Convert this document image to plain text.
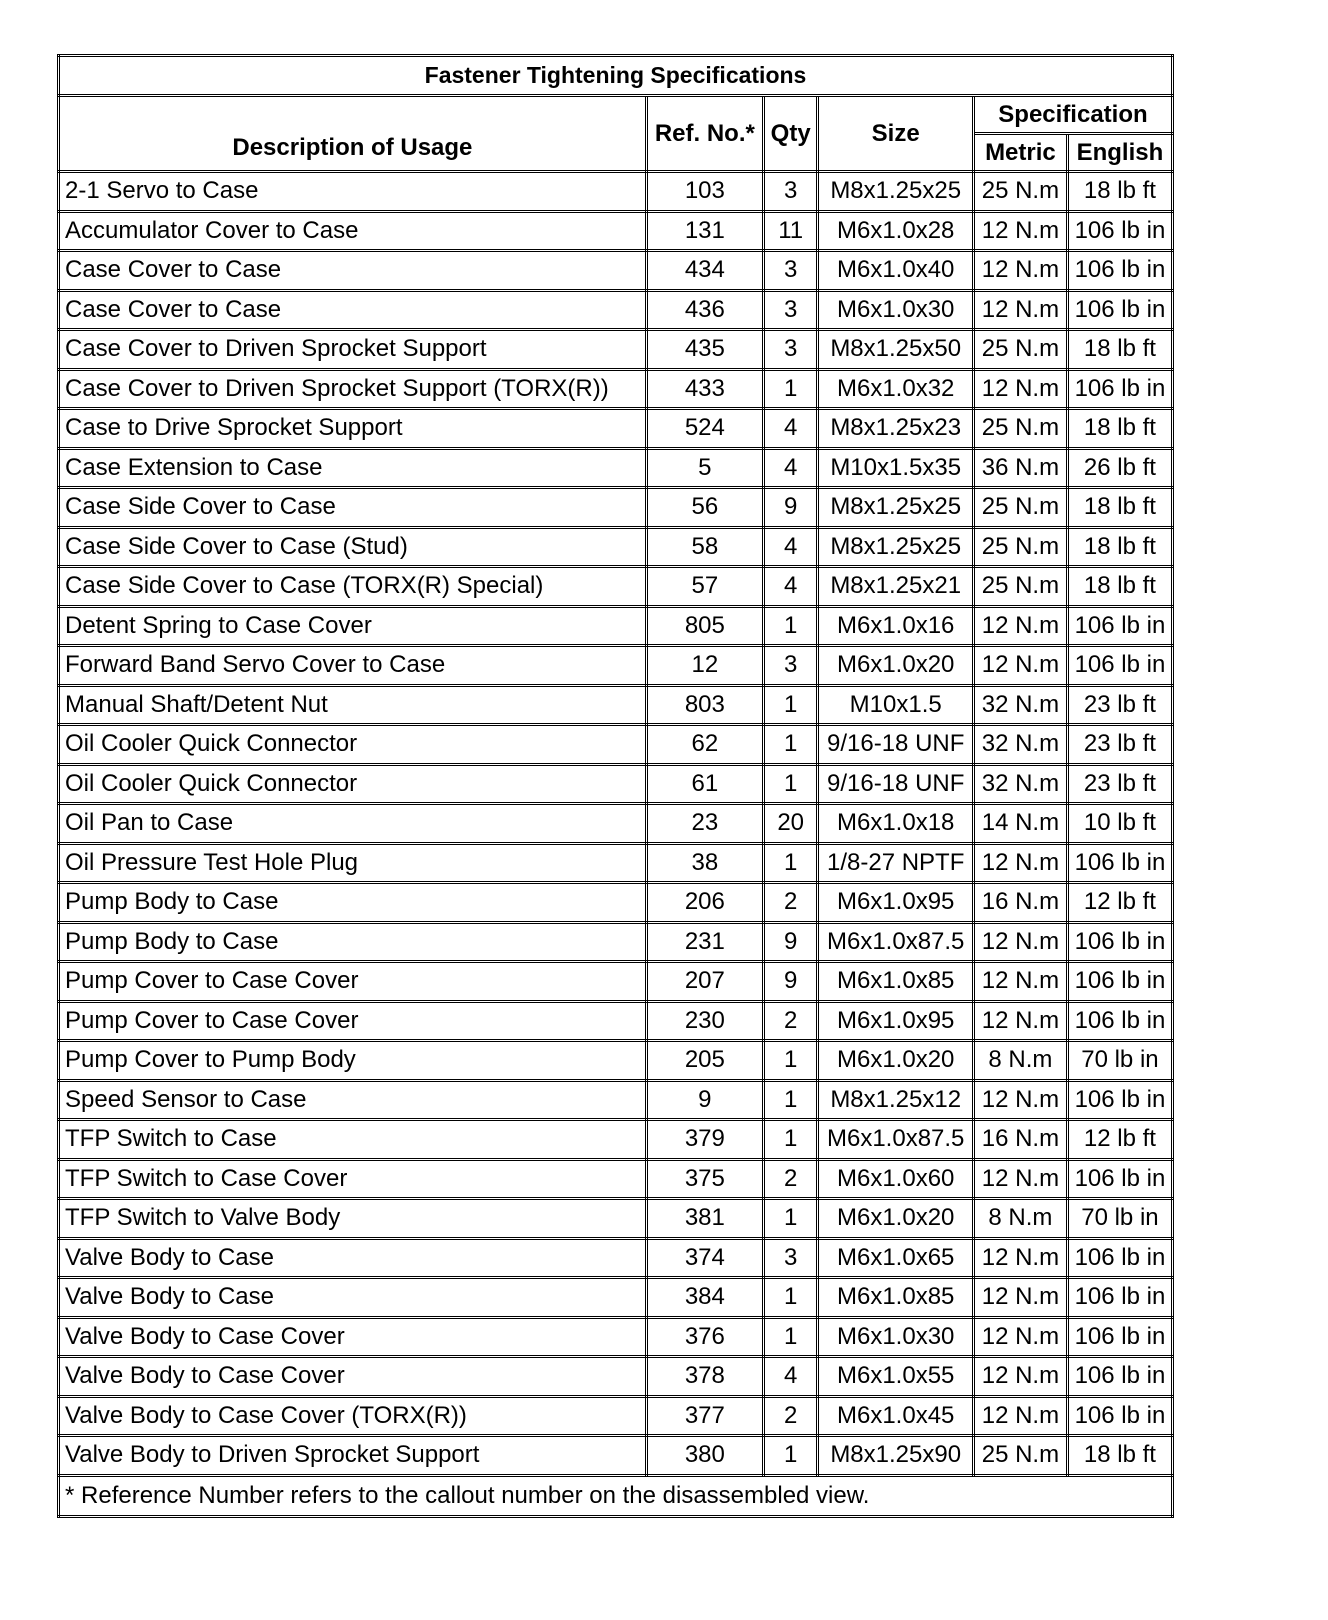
Fastener Tightening Specifications					
Description of Usage	Ref. No.*	Qty	Size	Specification	
				Metric	English
2-1 Servo to Case	103	3	M8x1.25x25	25 N.m	18 lb ft
Accumulator Cover to Case	131	11	M6x1.0x28	12 N.m	106 lb in
Case Cover to Case	434	3	M6x1.0x40	12 N.m	106 lb in
Case Cover to Case	436	3	M6x1.0x30	12 N.m	106 lb in
Case Cover to Driven Sprocket Support	435	3	M8x1.25x50	25 N.m	18 lb ft
Case Cover to Driven Sprocket Support (TORX(R))	433	1	M6x1.0x32	12 N.m	106 lb in
Case to Drive Sprocket Support	524	4	M8x1.25x23	25 N.m	18 lb ft
Case Extension to Case	5	4	M10x1.5x35	36 N.m	26 lb ft
Case Side Cover to Case	56	9	M8x1.25x25	25 N.m	18 lb ft
Case Side Cover to Case (Stud)	58	4	M8x1.25x25	25 N.m	18 lb ft
Case Side Cover to Case (TORX(R) Special)	57	4	M8x1.25x21	25 N.m	18 lb ft
Detent Spring to Case Cover	805	1	M6x1.0x16	12 N.m	106 lb in
Forward Band Servo Cover to Case	12	3	M6x1.0x20	12 N.m	106 lb in
Manual Shaft/Detent Nut	803	1	M10x1.5	32 N.m	23 lb ft
Oil Cooler Quick Connector	62	1	9/16-18 UNF	32 N.m	23 lb ft
Oil Cooler Quick Connector	61	1	9/16-18 UNF	32 N.m	23 lb ft
Oil Pan to Case	23	20	M6x1.0x18	14 N.m	10 lb ft
Oil Pressure Test Hole Plug	38	1	1/8-27 NPTF	12 N.m	106 lb in
Pump Body to Case	206	2	M6x1.0x95	16 N.m	12 lb ft
Pump Body to Case	231	9	M6x1.0x87.5	12 N.m	106 lb in
Pump Cover to Case Cover	207	9	M6x1.0x85	12 N.m	106 lb in
Pump Cover to Case Cover	230	2	M6x1.0x95	12 N.m	106 lb in
Pump Cover to Pump Body	205	1	M6x1.0x20	8 N.m	70 lb in
Speed Sensor to Case	9	1	M8x1.25x12	12 N.m	106 lb in
TFP Switch to Case	379	1	M6x1.0x87.5	16 N.m	12 lb ft
TFP Switch to Case Cover	375	2	M6x1.0x60	12 N.m	106 lb in
TFP Switch to Valve Body	381	1	M6x1.0x20	8 N.m	70 lb in
Valve Body to Case	374	3	M6x1.0x65	12 N.m	106 lb in
Valve Body to Case	384	1	M6x1.0x85	12 N.m	106 lb in
Valve Body to Case Cover	376	1	M6x1.0x30	12 N.m	106 lb in
Valve Body to Case Cover	378	4	M6x1.0x55	12 N.m	106 lb in
Valve Body to Case Cover (TORX(R))	377	2	M6x1.0x45	12 N.m	106 lb in
Valve Body to Driven Sprocket Support	380	1	M8x1.25x90	25 N.m	18 lb ft
* Reference Number refers to the callout number on the disassembled view.					
